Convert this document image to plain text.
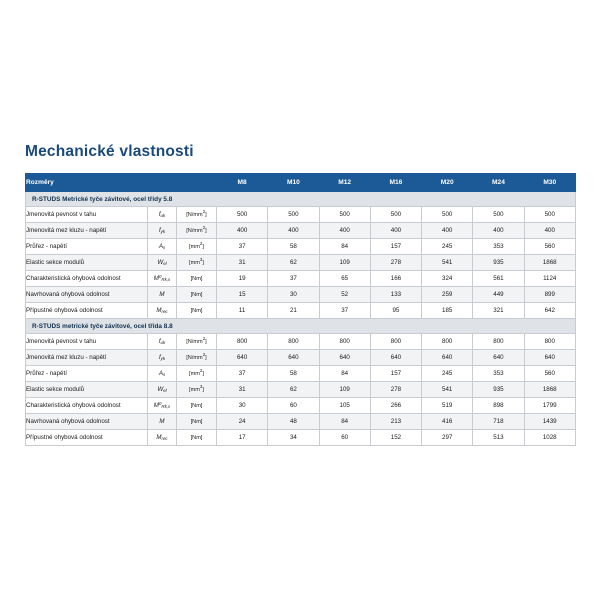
Mechanické vlastnosti
Rozměry			M8	M10	M12	M16	M20	M24	M30
R-STUDS Metrické tyče závitové, ocel třídy 5.8									
Jmenovitá pevnost v tahu	$f_{uk}$	$[N/mm^2]$	500	500	500	500	500	500	500
Jmenovitá mez kluzu - napětí	$f_{yk}$	$[N/mm^2]$	400	400	400	400	400	400	400
Průřez - napětí	$A_s$	$[mm^2]$	37	58	84	157	245	353	560
Elastic sekce modulů	$W_{el}$	$[mm^3]$	31	62	109	278	541	935	1868
Charakteristická ohybová odolnost	$M^0_{Rk,s}$	[Nm]	19	37	65	166	324	561	1124
Navrhovaná ohybová odolnost	M	[Nm]	15	30	52	133	259	449	899
Přípustné ohybová odolnost	$M_{rec}$	[Nm]	11	21	37	95	185	321	642
R-STUDS metrické tyče závitové, ocel třída 8.8									
Jmenovitá pevnost v tahu	$f_{uk}$	$[N/mm^2]$	800	800	800	800	800	800	800
Jmenovitá mez kluzu - napětí	$f_{yk}$	$[N/mm^2]$	640	640	640	640	640	640	640
Průřez - napětí	$A_s$	$[mm^2]$	37	58	84	157	245	353	560
Elastic sekce modulů	$W_{el}$	$[mm^3]$	31	62	109	278	541	935	1868
Charakteristická ohybová odolnost	$M^0_{Rk,s}$	[Nm]	30	60	105	266	519	898	1799
Navrhovaná ohybová odolnost	M	[Nm]	24	48	84	213	416	718	1439
Přípustné ohybová odolnost	$M_{rec}$	[Nm]	17	34	60	152	297	513	1028
